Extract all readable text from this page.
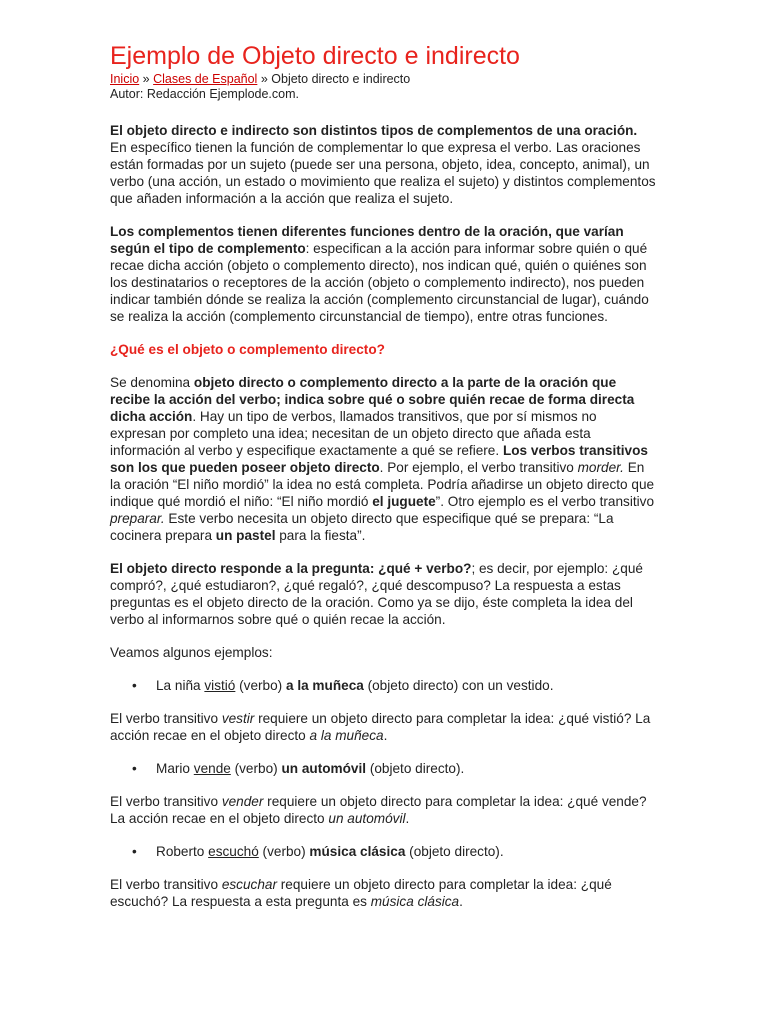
Ejemplo de Objeto directo e indirecto
Inicio » Clases de Español » Objeto directo e indirecto
Autor: Redacción Ejemplode.com.

El objeto directo e indirecto son distintos tipos de complementos de una oración. En específico tienen la función de complementar lo que expresa el verbo. Las oraciones están formadas por un sujeto (puede ser una persona, objeto, idea, concepto, animal), un verbo (una acción, un estado o movimiento que realiza el sujeto) y distintos complementos que añaden información a la acción que realiza el sujeto.

Los complementos tienen diferentes funciones dentro de la oración, que varían según el tipo de complemento: especifican a la acción para informar sobre quién o qué recae dicha acción (objeto o complemento directo), nos indican qué, quién o quiénes son los destinatarios o receptores de la acción (objeto o complemento indirecto), nos pueden indicar también dónde se realiza la acción (complemento circunstancial de lugar), cuándo se realiza la acción (complemento circunstancial de tiempo), entre otras funciones.

¿Qué es el objeto o complemento directo?

Se denomina objeto directo o complemento directo a la parte de la oración que recibe la acción del verbo; indica sobre qué o sobre quién recae de forma directa dicha acción. Hay un tipo de verbos, llamados transitivos, que por sí mismos no expresan por completo una idea; necesitan de un objeto directo que añada esta información al verbo y especifique exactamente a qué se refiere. Los verbos transitivos son los que pueden poseer objeto directo. Por ejemplo, el verbo transitivo morder. En la oración “El niño mordió” la idea no está completa. Podría añadirse un objeto directo que indique qué mordió el niño: “El niño mordió el juguete”. Otro ejemplo es el verbo transitivo preparar. Este verbo necesita un objeto directo que especifique qué se prepara: “La cocinera prepara un pastel para la fiesta”.

El objeto directo responde a la pregunta: ¿qué + verbo?; es decir, por ejemplo: ¿qué compró?, ¿qué estudiaron?, ¿qué regaló?, ¿qué descompuso? La respuesta a estas preguntas es el objeto directo de la oración. Como ya se dijo, éste completa la idea del verbo al informarnos sobre qué o quién recae la acción.

Veamos algunos ejemplos:

• La niña vistió (verbo) a la muñeca (objeto directo) con un vestido.

El verbo transitivo vestir requiere un objeto directo para completar la idea: ¿qué vistió? La acción recae en el objeto directo a la muñeca.

• Mario vende (verbo) un automóvil (objeto directo).

El verbo transitivo vender requiere un objeto directo para completar la idea: ¿qué vende? La acción recae en el objeto directo un automóvil.

• Roberto escuchó (verbo) música clásica (objeto directo).

El verbo transitivo escuchar requiere un objeto directo para completar la idea: ¿qué escuchó? La respuesta a esta pregunta es música clásica.
